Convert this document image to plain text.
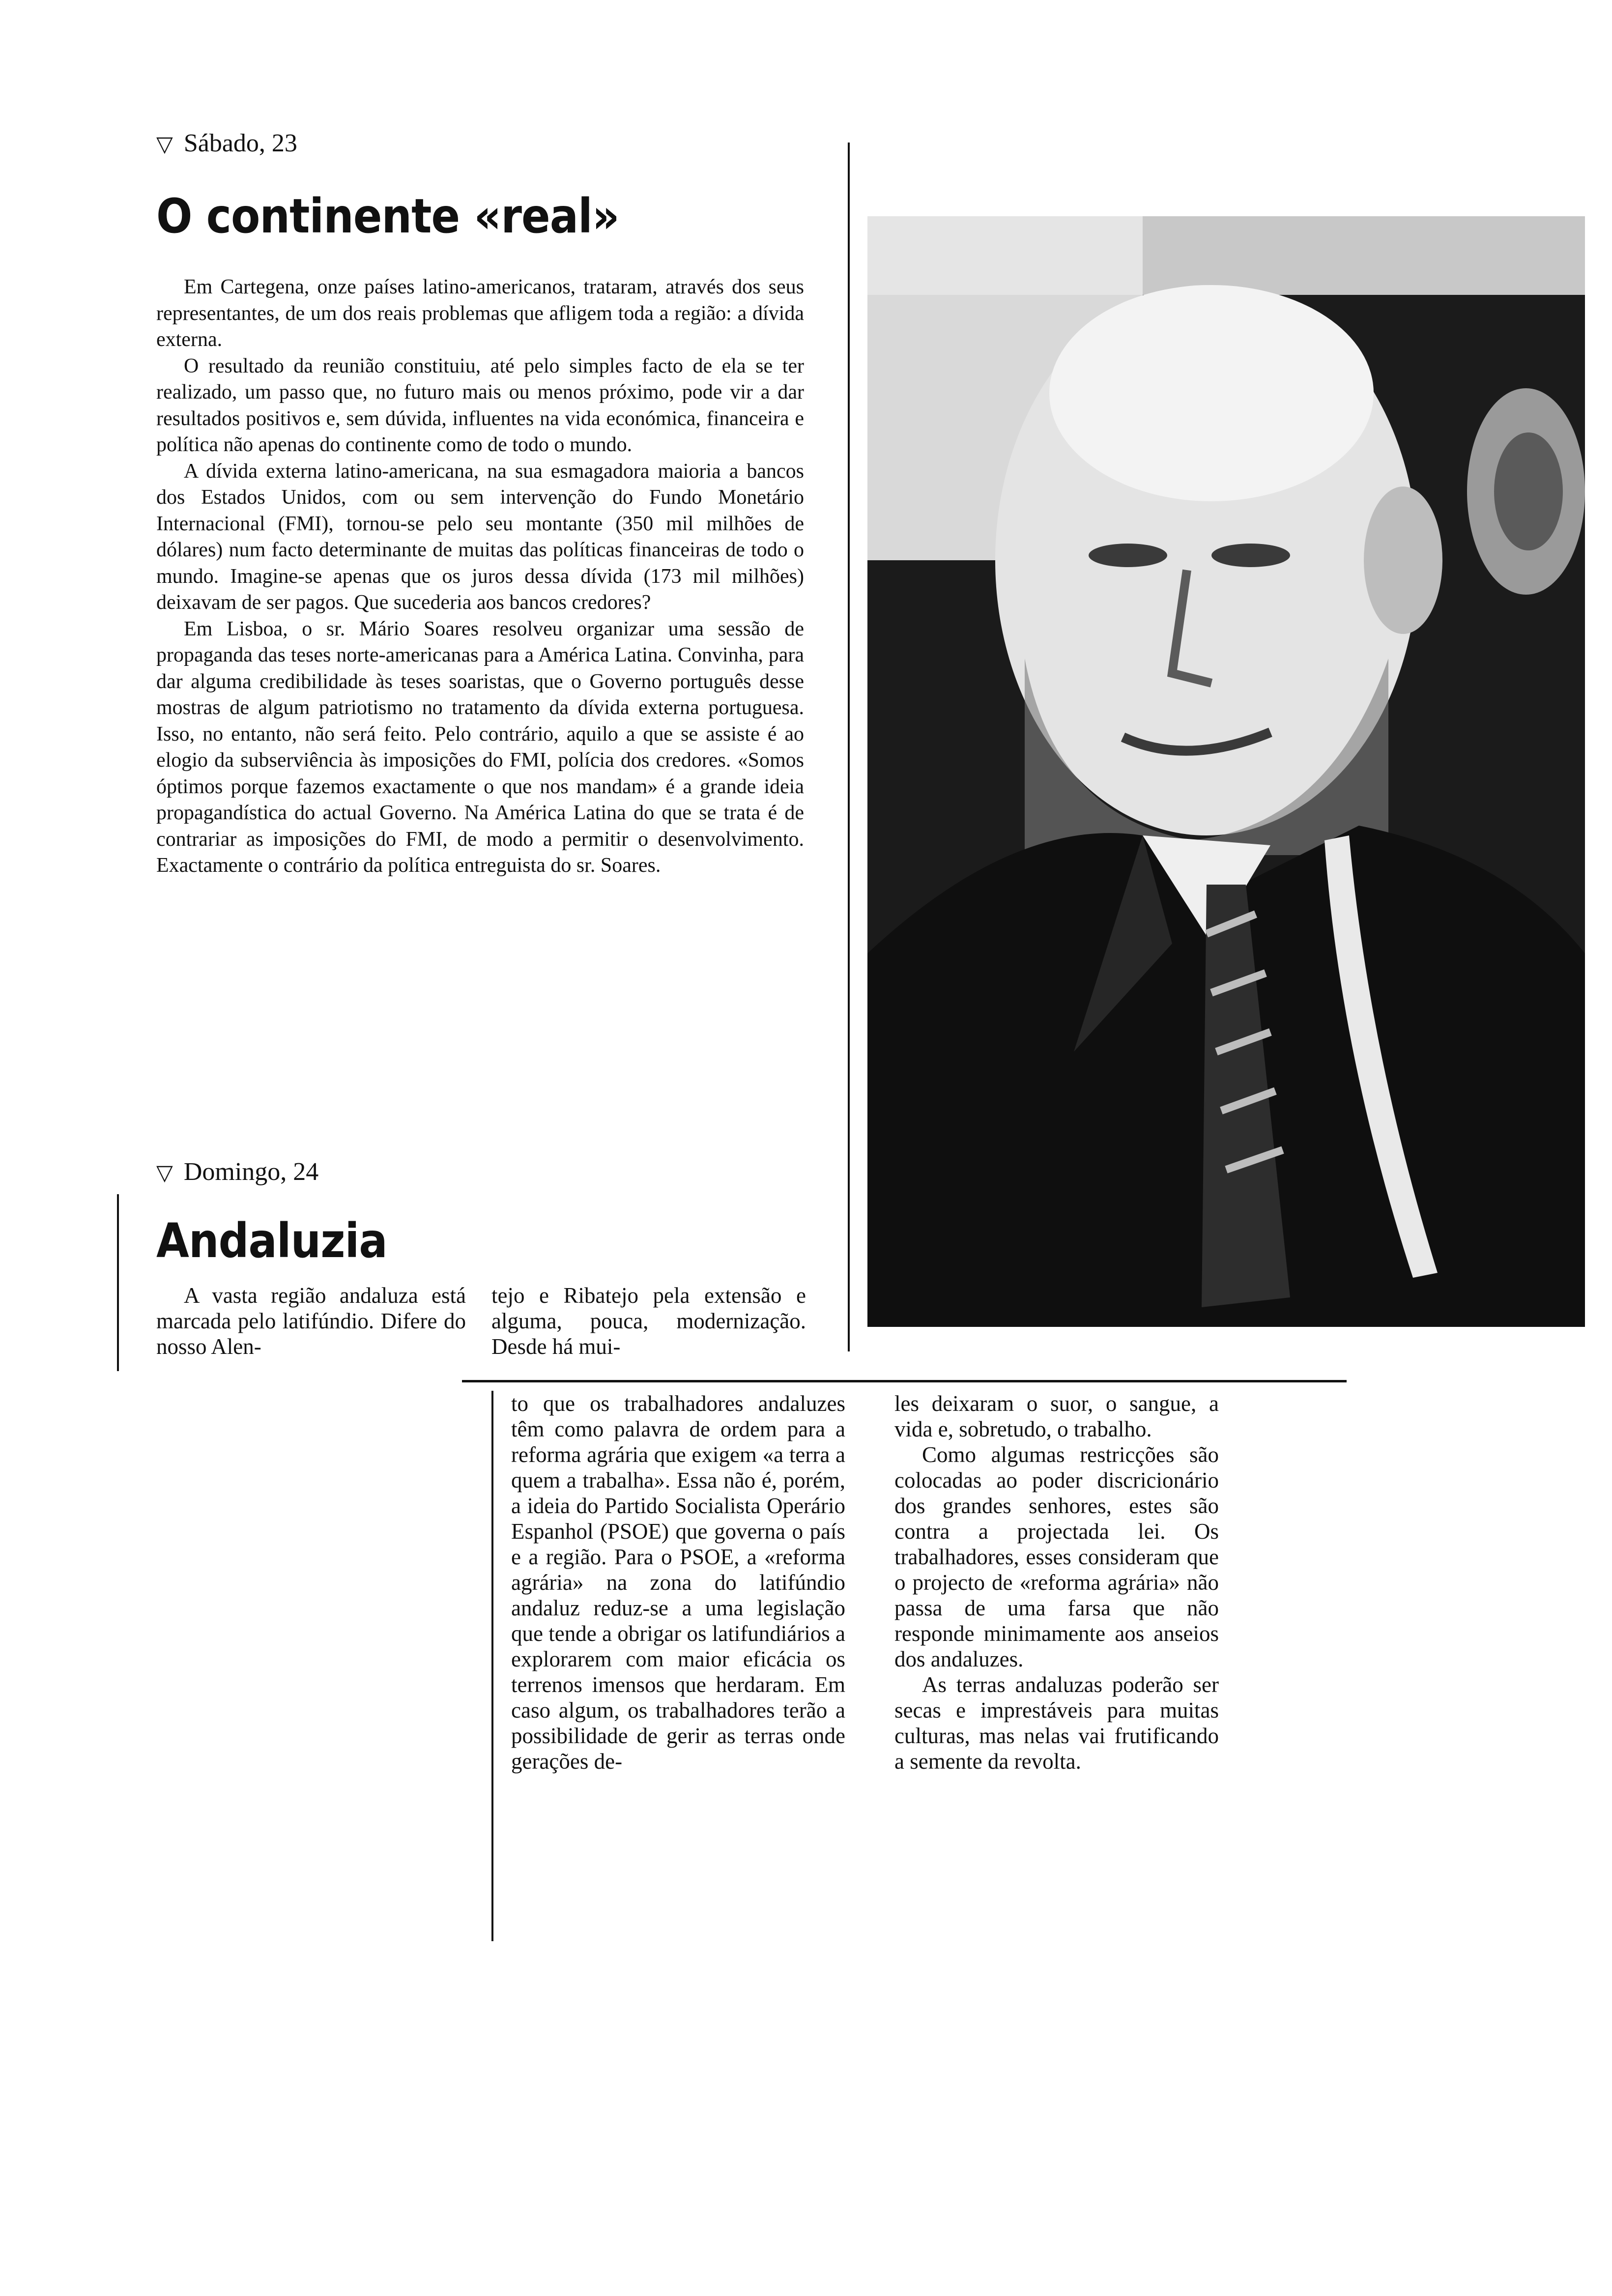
▽ Sábado, 23
O continente «real»

Em Cartegena, onze países latino-americanos, trataram, através dos seus representantes, de um dos reais problemas que afligem toda a região: a dívida externa.

O resultado da reunião constituiu, até pelo simples facto de ela se ter realizado, um passo que, no futuro mais ou menos próximo, pode vir a dar resultados positivos e, sem dúvida, influentes na vida económica, financeira e política não apenas do continente como de todo o mundo.

A dívida externa latino-americana, na sua esmagadora maioria a bancos dos Estados Unidos, com ou sem intervenção do Fundo Monetário Internacional (FMI), tornou-se pelo seu montante (350 mil milhões de dólares) num facto determinante de muitas das políticas financeiras de todo o mundo. Imagine-se apenas que os juros dessa dívida (173 mil milhões) deixavam de ser pagos. Que sucederia aos bancos credores?

Em Lisboa, o sr. Mário Soares resolveu organizar uma sessão de propaganda das teses norte-americanas para a América Latina. Convinha, para dar alguma credibilidade às teses soaristas, que o Governo português desse mostras de algum patriotismo no tratamento da dívida externa portuguesa. Isso, no entanto, não será feito. Pelo contrário, aquilo a que se assiste é ao elogio da subserviência às imposições do FMI, polícia dos credores. «Somos óptimos porque fazemos exactamente o que nos mandam» é a grande ideia propagandística do actual Governo. Na América Latina do que se trata é de contrariar as imposições do FMI, de modo a permitir o desenvolvimento. Exactamente o contrário da política entreguista do sr. Soares.

▽ Domingo, 24
Andaluzia

A vasta região andaluza está marcada pelo latifúndio. Difere do nosso Alen-

tejo e Ribatejo pela extensão e alguma, pouca, modernização. Desde há mui-

to que os trabalhadores andaluzes têm como palavra de ordem para a reforma agrária que exigem «a terra a quem a trabalha». Essa não é, porém, a ideia do Partido Socialista Operário Espanhol (PSOE) que governa o país e a região. Para o PSOE, a «reforma agrária» na zona do latifúndio andaluz reduz-se a uma legislação que tende a obrigar os latifundiários a explorarem com maior eficácia os terrenos imensos que herdaram. Em caso algum, os trabalhadores terão a possibilidade de gerir as terras onde gerações de-

les deixaram o suor, o sangue, a vida e, sobretudo, o trabalho.

Como algumas restricções são colocadas ao poder discricionário dos grandes senhores, estes são contra a projectada lei. Os trabalhadores, esses consideram que o projecto de «reforma agrária» não passa de uma farsa que não responde minimamente aos anseios dos andaluzes.

As terras andaluzas poderão ser secas e imprestáveis para muitas culturas, mas nelas vai frutificando a semente da revolta.
